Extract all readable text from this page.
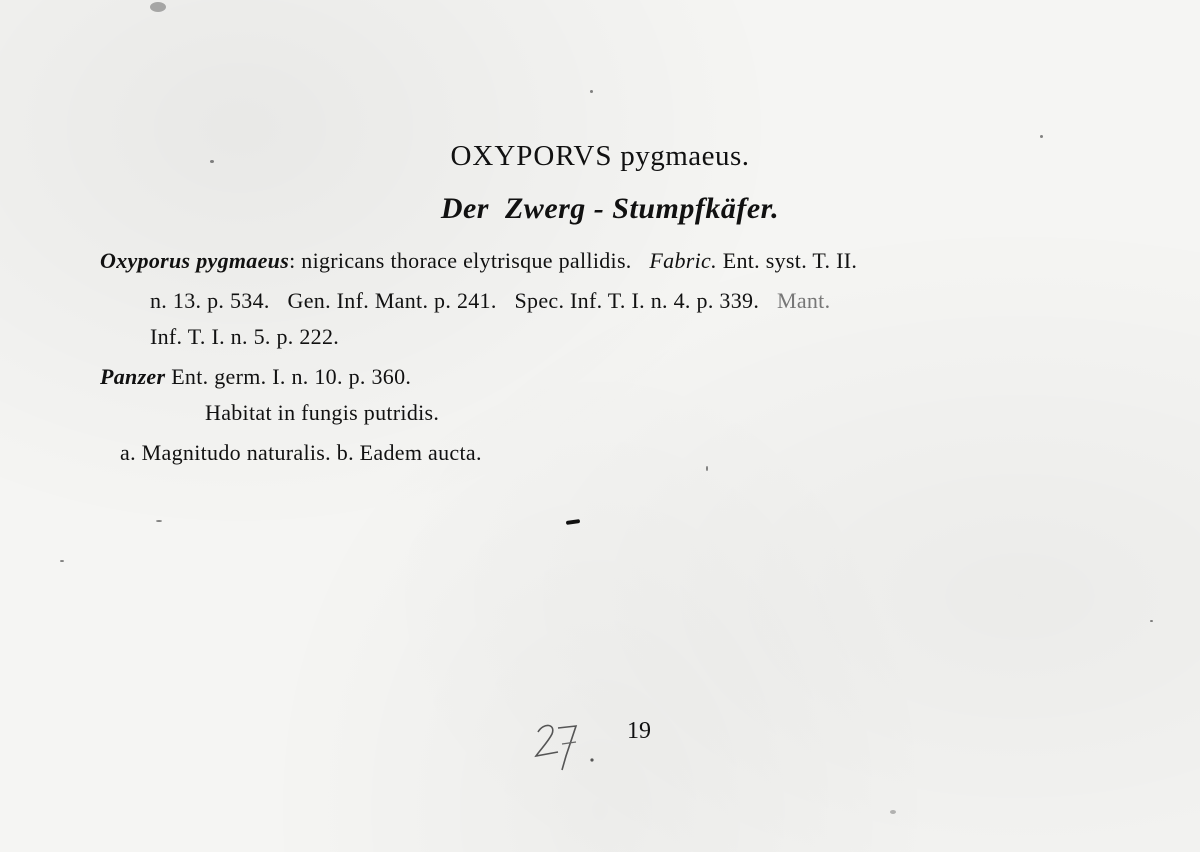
OXYPORVS pygmaeus.
Der  Zwerg - Stumpfkäfer.
Oxyporus pygmaeus: nigricans thorace elytrisque pallidis. Fabric. Ent. syst. T. II.
n. 13. p. 534. Gen. Inf. Mant. p. 241. Spec. Inf. T. I. n. 4. p. 339. Mant.
Inf. T. I. n. 5. p. 222.
Panzer Ent. germ. I. n. 10. p. 360.
Habitat in fungis putridis.
a. Magnitudo naturalis. b. Eadem aucta.
19
